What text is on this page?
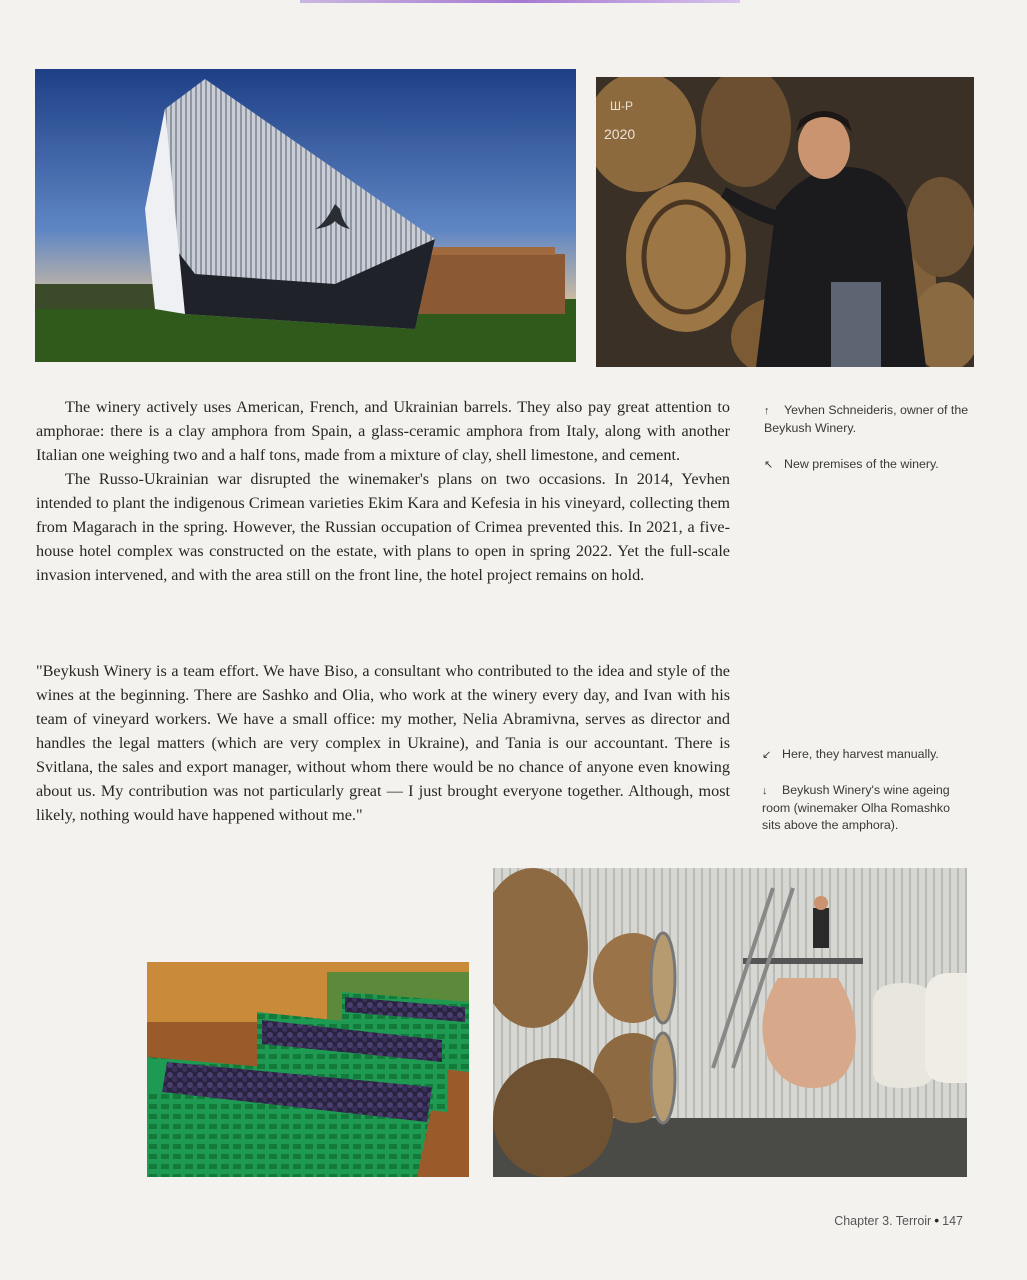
Ш-Р
2020

The winery actively uses American, French, and Ukrainian barrels. They also pay great attention to amphorae: there is a clay amphora from Spain, a glass-ceramic amphora from Italy, along with another Italian one weighing two and a half tons, made from a mixture of clay, shell limestone, and cement.

The Russo-Ukrainian war disrupted the winemaker's plans on two occasions. In 2014, Yevhen intended to plant the indigenous Crimean varieties Ekim Kara and Kefesia in his vineyard, collecting them from Magarach in the spring. However, the Russian occupation of Crimea prevented this. In 2021, a five-house hotel complex was constructed on the estate, with plans to open in spring 2022. Yet the full-scale invasion intervened, and with the area still on the front line, the hotel project remains on hold.

"Beykush Winery is a team effort. We have Biso, a consultant who contributed to the idea and style of the wines at the beginning. There are Sashko and Olia, who work at the winery every day, and Ivan with his team of vineyard workers. We have a small office: my mother, Nelia Abramivna, serves as director and handles the legal matters (which are very complex in Ukraine), and Tania is our accountant. There is Svitlana, the sales and export manager, without whom there would be no chance of anyone even knowing about us. My contribution was not particularly great — I just brought everyone together. Although, most likely, nothing would have happened without me."

↑ Yevhen Schneideris, owner of the Beykush Winery.
↖ New premises of the winery.
↙ Here, they harvest manually.
↓ Beykush Winery's wine ageing room (winemaker Olha Romashko sits above the amphora).
Chapter 3. Terroir • 147
